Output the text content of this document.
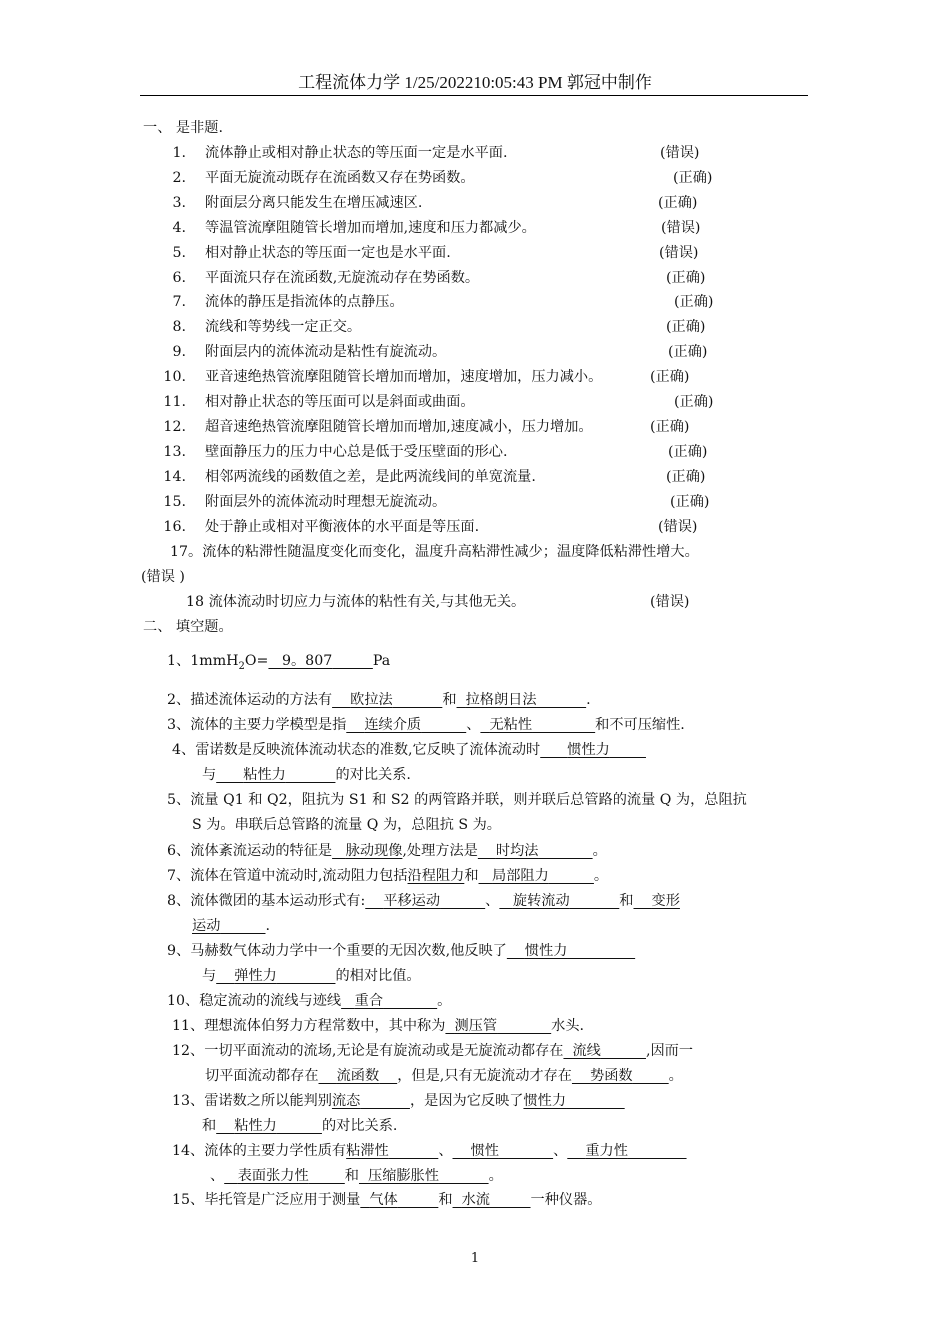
工程流体力学 1/25/202210:05:43 PM 郭冠中制作
一、 是非题.
1. 流体静止或相对静止状态的等压面一定是水平面.	(错误)
2. 平面无旋流动既存在流函数又存在势函数。	(正确)
3. 附面层分离只能发生在增压减速区.	(正确)
4. 等温管流摩阻随管长增加而增加,速度和压力都减少。	(错误)
5. 相对静止状态的等压面一定也是水平面.	(错误)
6. 平面流只存在流函数,无旋流动存在势函数。	(正确)
7. 流体的静压是指流体的点静压。	(正确)
8. 流线和等势线一定正交。	(正确)
9. 附面层内的流体流动是粘性有旋流动。	(正确)
10. 亚音速绝热管流摩阻随管长增加而增加，速度增加，压力减小。	(正确)
11. 相对静止状态的等压面可以是斜面或曲面。	(正确)
12. 超音速绝热管流摩阻随管长增加而增加,速度减小，压力增加。	(正确)
13. 壁面静压力的压力中心总是低于受压壁面的形心.	(正确)
14. 相邻两流线的函数值之差，是此两流线间的单宽流量.	(正确)
15. 附面层外的流体流动时理想无旋流动。	(正确)
16. 处于静止或相对平衡液体的水平面是等压面.	(错误)
17。流体的粘滞性随温度变化而变化，温度升高粘滞性减少；温度降低粘滞性增大。
(错误 )
18 流体流动时切应力与流体的粘性有关,与其他无关。	(错误)
二、 填空题。
1、1mmH$_2$O= 9。807	Pa
2、描述流体运动的方法有 欧拉法	和 拉格朗日法	.
3、流体的主要力学模型是指 连续介质	、 无粘性	和不可压缩性.
4、雷诺数是反映流体流动状态的准数,它反映了流体流动时 惯性力
与 粘性力	的对比关系.
5、流量 Q1 和 Q2，阻抗为 S1 和 S2 的两管路并联，则并联后总管路的流量 Q 为，总阻抗
S 为。串联后总管路的流量 Q 为，总阻抗 S 为。
6、流体紊流运动的特征是 脉动现像,处理方法是 时均法	。
7、流体在管道中流动时,流动阻力包括沿程阻力和 局部阻力	。
8、流体微团的基本运动形式有: 平移运动	、 旋转流动	和 变形
运动	.
9、马赫数气体动力学中一个重要的无因次数,他反映了 惯性力
与 弹性力	的相对比值。
10、稳定流动的流线与迹线 重合	。
11、理想流体伯努力方程常数中，其中称为 测压管	水头.
12、一切平面流动的流场,无论是有旋流动或是无旋流动都存在 流线	,因而一
切平面流动都存在 流函数 ，但是,只有无旋流动才存在 势函数	。
13、雷诺数之所以能判别流态	，是因为它反映了惯性力
和 粘性力	的对比关系.
14、流体的主要力学性质有粘滞性	、 惯性	、 重力性
、 表面张力性	和 压缩膨胀性	。
15、毕托管是广泛应用于测量 气体	和 水流	一种仪器。
1
